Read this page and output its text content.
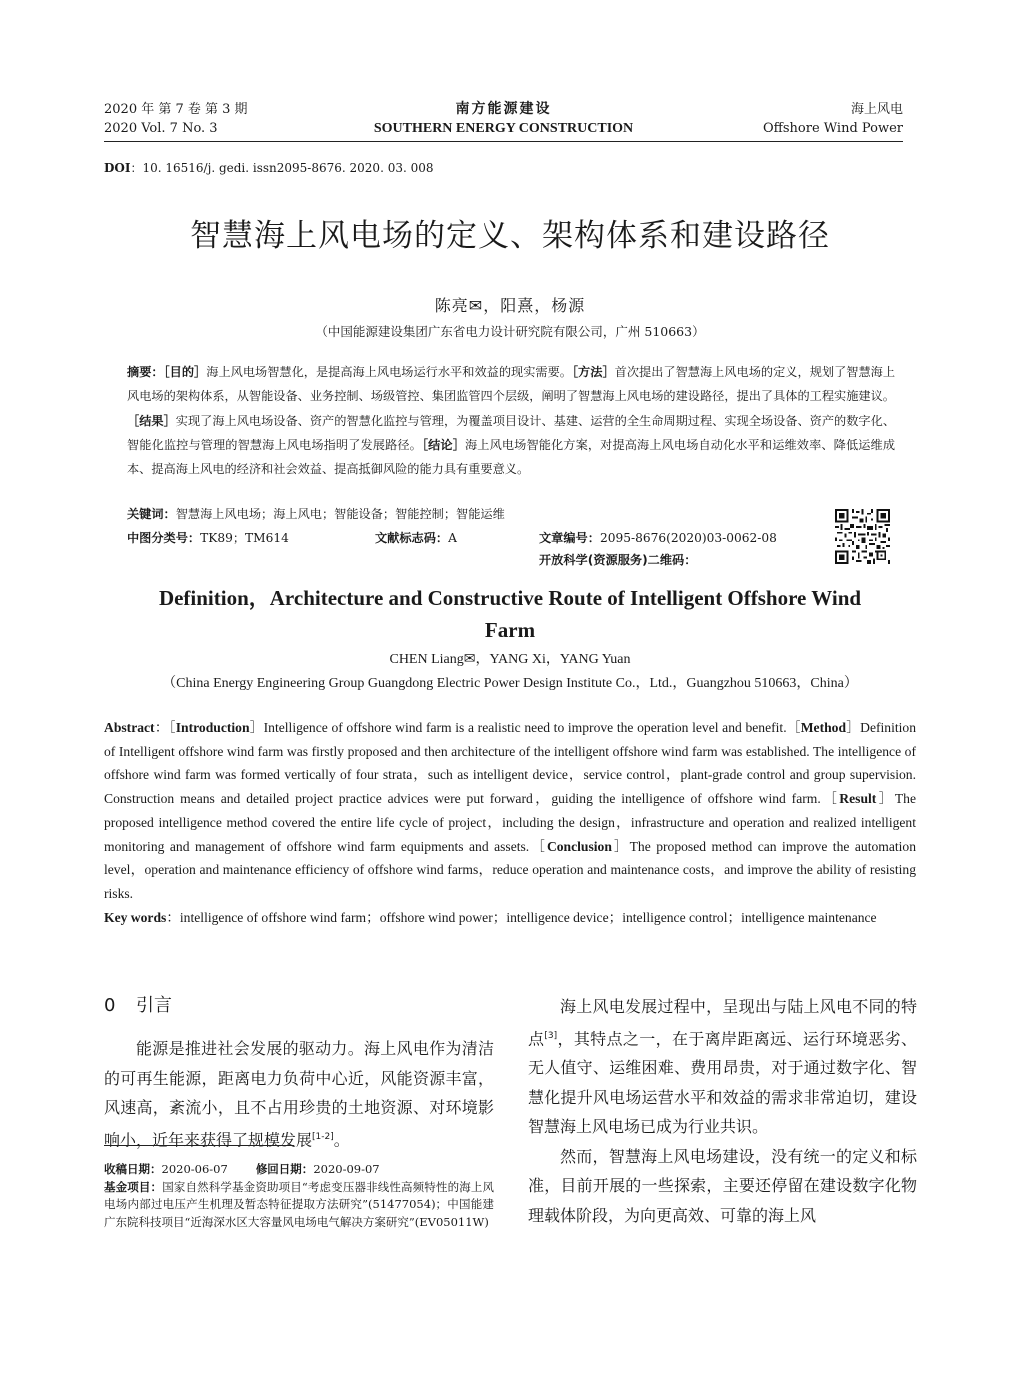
2020 年 第 7 卷 第 3 期
2020 Vol. 7 No. 3
南方能源建设
SOUTHERN ENERGY CONSTRUCTION
海上风电
Offshore Wind Power
DOI：10. 16516/j. gedi. issn2095-8676. 2020. 03. 008
智慧海上风电场的定义、架构体系和建设路径
陈亮✉，阳熹，杨源
（中国能源建设集团广东省电力设计研究院有限公司，广州 510663）
摘要：［目的］海上风电场智慧化，是提高海上风电场运行水平和效益的现实需要。［方法］首次提出了智慧海上风电场的定义，规划了智慧海上风电场的架构体系，从智能设备、业务控制、场级管控、集团监管四个层级，阐明了智慧海上风电场的建设路径，提出了具体的工程实施建议。［结果］实现了海上风电场设备、资产的智慧化监控与管理，为覆盖项目设计、基建、运营的全生命周期过程、实现全场设备、资产的数字化、智能化监控与管理的智慧海上风电场指明了发展路径。［结论］海上风电场智能化方案，对提高海上风电场自动化水平和运维效率、降低运维成本、提高海上风电的经济和社会效益、提高抵御风险的能力具有重要意义。
关键词：智慧海上风电场；海上风电；智能设备；智能控制；智能运维
中图分类号：TK89；TM614	文献标志码：A	文章编号：2095-8676(2020)03-0062-08
开放科学(资源服务)二维码：
Definition，Architecture and Constructive Route of Intelligent Offshore Wind Farm
CHEN Liang✉，YANG Xi，YANG Yuan
（China Energy Engineering Group Guangdong Electric Power Design Institute Co.，Ltd.，Guangzhou 510663，China）
Abstract：［Introduction］Intelligence of offshore wind farm is a realistic need to improve the operation level and benefit.［Method］Definition of Intelligent offshore wind farm was firstly proposed and then architecture of the intelligent offshore wind farm was established. The intelligence of offshore wind farm was formed vertically of four strata，such as intelligent device，service control，plant-grade control and group supervision. Construction means and detailed project practice advices were put forward，guiding the intelligence of offshore wind farm.［Result］The proposed intelligence method covered the entire life cycle of project，including the design，infrastructure and operation and realized intelligent monitoring and management of offshore wind farm equipments and assets.［Conclusion］The proposed method can improve the automation level，operation and maintenance efficiency of offshore wind farms，reduce operation and maintenance costs，and improve the ability of resisting risks.
Key words：intelligence of offshore wind farm；offshore wind power；intelligence device；intelligence control；intelligence maintenance
0 引言

能源是推进社会发展的驱动力。海上风电作为清洁的可再生能源，距离电力负荷中心近，风能资源丰富，风速高，紊流小，且不占用珍贵的土地资源、对环境影响小，近年来获得了规模发展[1-2]。

海上风电发展过程中，呈现出与陆上风电不同的特点[3]，其特点之一，在于离岸距离远、运行环境恶劣、无人值守、运维困难、费用昂贵，对于通过数字化、智慧化提升风电场运营水平和效益的需求非常迫切，建设智慧海上风电场已成为行业共识。

然而，智慧海上风电场建设，没有统一的定义和标准，目前开展的一些探索，主要还停留在建设数字化物理载体阶段，为向更高效、可靠的海上风

收稿日期：2020-06-07 修回日期：2020-09-07
基金项目：国家自然科学基金资助项目“考虑变压器非线性高频特性的海上风电场内部过电压产生机理及暂态特征提取方法研究”(51477054)；中国能建广东院科技项目“近海深水区大容量风电场电气解决方案研究”(EV05011W)
